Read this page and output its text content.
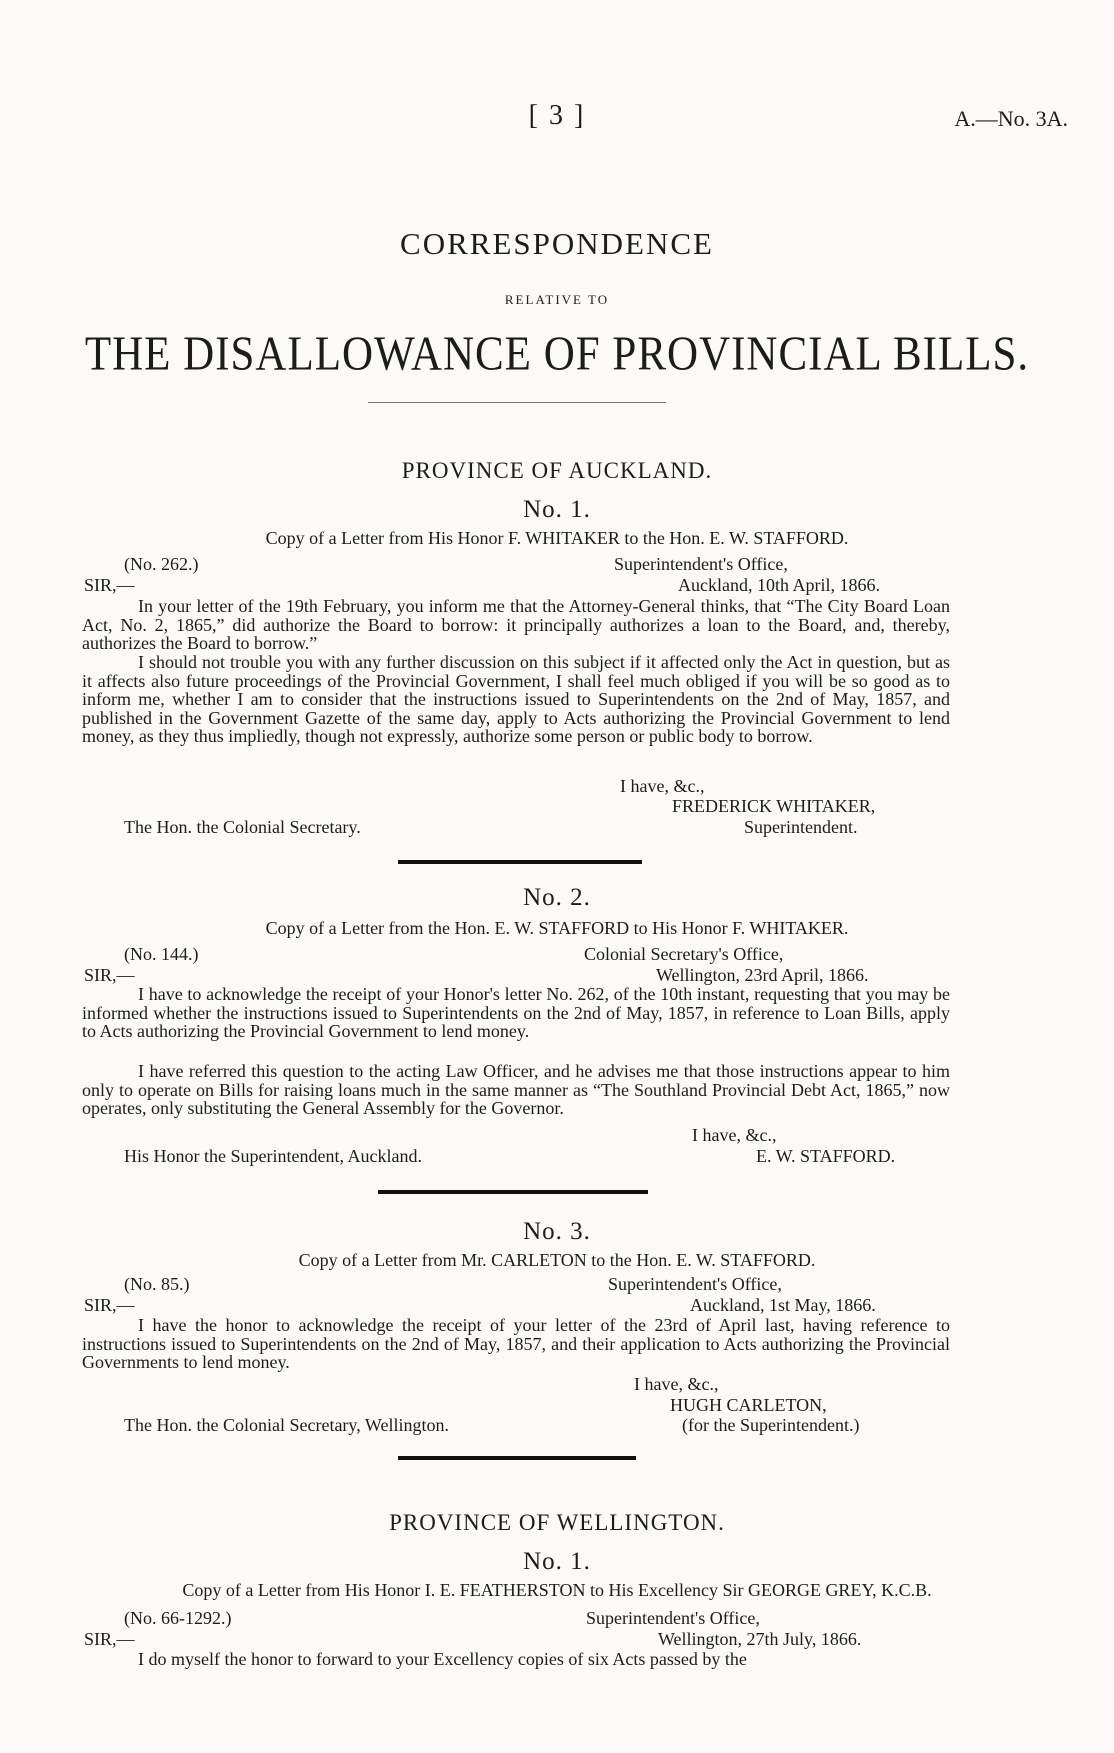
[ 3 ]	A.—No. 3A.
CORRESPONDENCE
RELATIVE TO
THE DISALLOWANCE OF PROVINCIAL BILLS.
PROVINCE OF AUCKLAND.
No. 1.
Copy of a Letter from His Honor F. WHITAKER to the Hon. E. W. STAFFORD.
(No. 262.)	Superintendent's Office,
SIR,—	Auckland, 10th April, 1866.
In your letter of the 19th February, you inform me that the Attorney-General thinks, that “The City Board Loan Act, No. 2, 1865,” did authorize the Board to borrow: it principally authorizes a loan to the Board, and, thereby, authorizes the Board to borrow.”
I should not trouble you with any further discussion on this subject if it affected only the Act in question, but as it affects also future proceedings of the Provincial Government, I shall feel much obliged if you will be so good as to inform me, whether I am to consider that the instructions issued to Superintendents on the 2nd of May, 1857, and published in the Government Gazette of the same day, apply to Acts authorizing the Provincial Government to lend money, as they thus impliedly, though not expressly, authorize some person or public body to borrow.
I have, &c.,
FREDERICK WHITAKER,
The Hon. the Colonial Secretary.	Superintendent.
No. 2.
Copy of a Letter from the Hon. E. W. STAFFORD to His Honor F. WHITAKER.
(No. 144.)	Colonial Secretary's Office,
SIR,—	Wellington, 23rd April, 1866.
I have to acknowledge the receipt of your Honor's letter No. 262, of the 10th instant, requesting that you may be informed whether the instructions issued to Superintendents on the 2nd of May, 1857, in reference to Loan Bills, apply to Acts authorizing the Provincial Government to lend money.
I have referred this question to the acting Law Officer, and he advises me that those instructions appear to him only to operate on Bills for raising loans much in the same manner as “The Southland Provincial Debt Act, 1865,” now operates, only substituting the General Assembly for the Governor.
I have, &c.,
His Honor the Superintendent, Auckland.	E. W. STAFFORD.
No. 3.
Copy of a Letter from Mr. CARLETON to the Hon. E. W. STAFFORD.
(No. 85.)	Superintendent's Office,
SIR,—	Auckland, 1st May, 1866.
I have the honor to acknowledge the receipt of your letter of the 23rd of April last, having reference to instructions issued to Superintendents on the 2nd of May, 1857, and their application to Acts authorizing the Provincial Governments to lend money.
I have, &c.,
HUGH CARLETON,
The Hon. the Colonial Secretary, Wellington.	(for the Superintendent.)
PROVINCE OF WELLINGTON.
No. 1.
Copy of a Letter from His Honor I. E. FEATHERSTON to His Excellency Sir GEORGE GREY, K.C.B.
(No. 66-1292.)	Superintendent's Office,
SIR,—	Wellington, 27th July, 1866.
I do myself the honor to forward to your Excellency copies of six Acts passed by the
